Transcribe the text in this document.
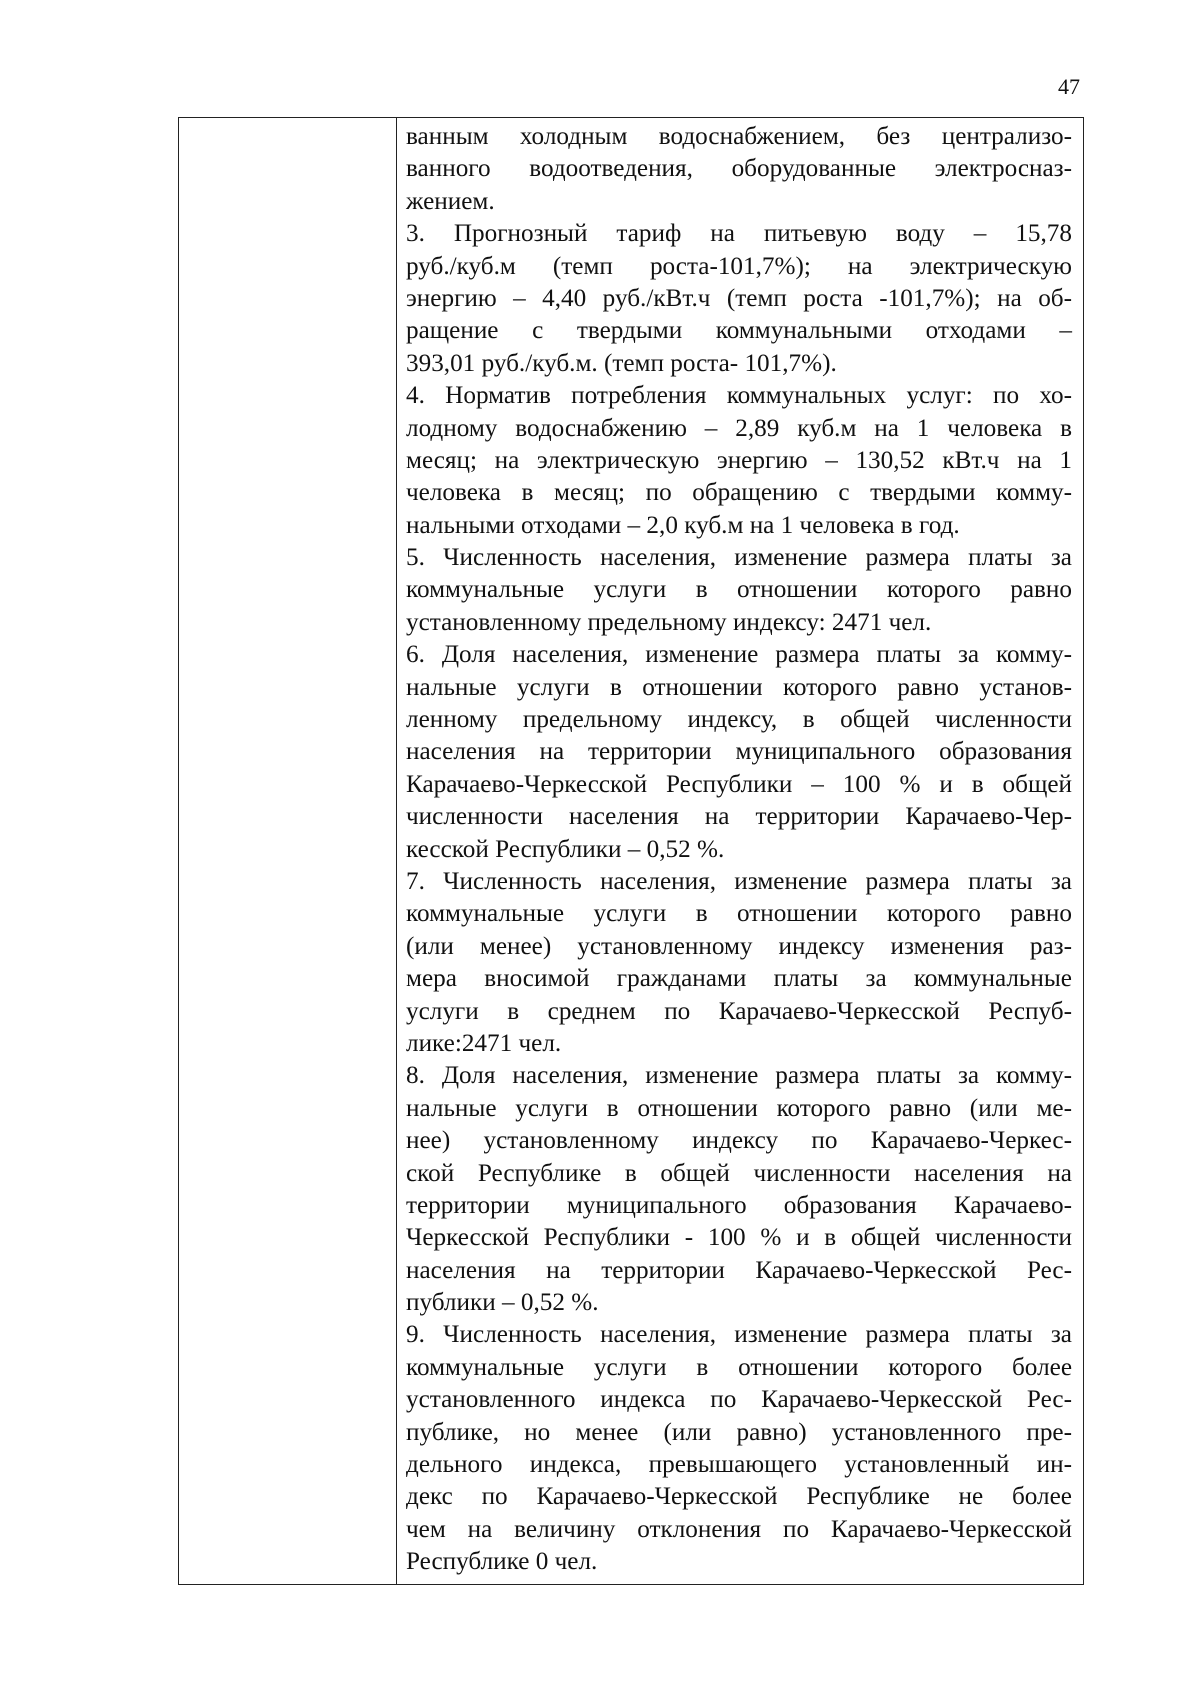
47
ванным холодным водоснабжением, без централизо-
ванного водоотведения, оборудованные электросназ-
жением.
3. Прогнозный тариф на питьевую воду – 15,78
руб./куб.м (темп роста-101,7%); на электрическую
энергию – 4,40 руб./кВт.ч (темп роста -101,7%); на об-
ращение с твердыми коммунальными отходами –
393,01 руб./куб.м. (темп роста- 101,7%).
4. Норматив потребления коммунальных услуг: по хо-
лодному водоснабжению – 2,89 куб.м на 1 человека в
месяц; на электрическую энергию – 130,52 кВт.ч на 1
человека в месяц; по обращению с твердыми комму-
нальными отходами – 2,0 куб.м на 1 человека в год.
5. Численность населения, изменение размера платы за
коммунальные услуги в отношении которого равно
установленному предельному индексу: 2471 чел.
6. Доля населения, изменение размера платы за комму-
нальные услуги в отношении которого равно установ-
ленному предельному индексу, в общей численности
населения на территории муниципального образования
Карачаево-Черкесской Республики – 100 % и в общей
численности населения на территории Карачаево-Чер-
кесской Республики – 0,52 %.
7. Численность населения, изменение размера платы за
коммунальные услуги в отношении которого равно
(или менее) установленному индексу изменения раз-
мера вносимой гражданами платы за коммунальные
услуги в среднем по Карачаево-Черкесской Респуб-
лике:2471 чел.
8. Доля населения, изменение размера платы за комму-
нальные услуги в отношении которого равно (или ме-
нее) установленному индексу по Карачаево-Черкес-
ской Республике в общей численности населения на
территории муниципального образования Карачаево-
Черкесской Республики - 100 % и в общей численности
населения на территории Карачаево-Черкесской Рес-
публики – 0,52 %.
9. Численность населения, изменение размера платы за
коммунальные услуги в отношении которого более
установленного индекса по Карачаево-Черкесской Рес-
публике, но менее (или равно) установленного пре-
дельного индекса, превышающего установленный ин-
декс по Карачаево-Черкесской Республике не более
чем на величину отклонения по Карачаево-Черкесской
Республике 0 чел.
